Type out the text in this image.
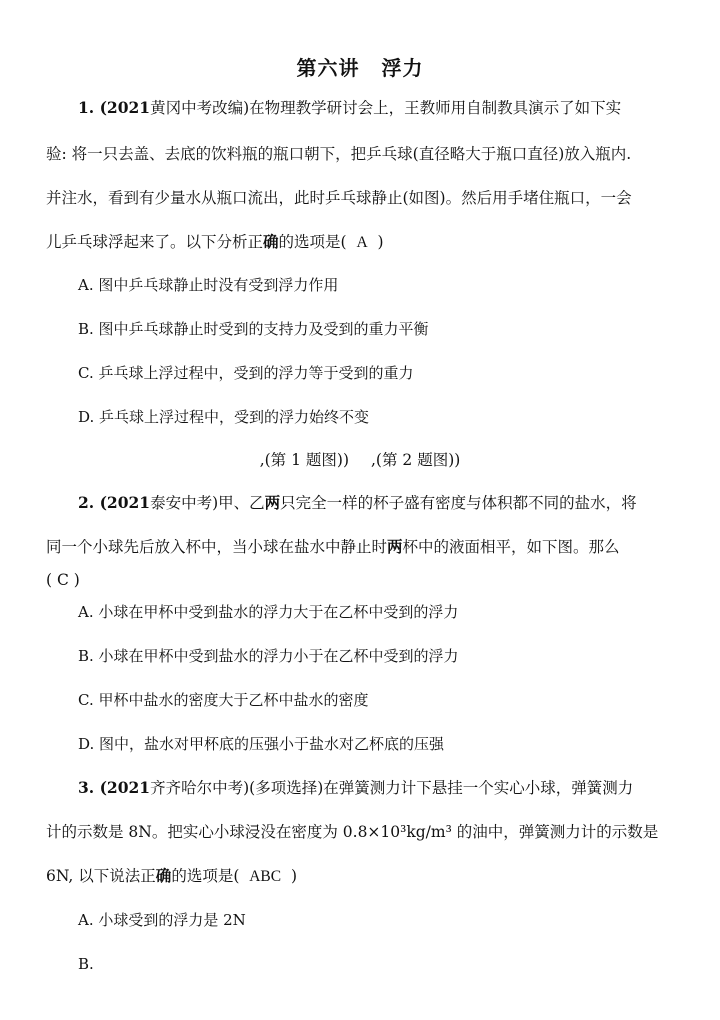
第六讲 浮力
1. (2021黄冈中考改编)在物理教学研讨会上，王教师用自制教具演示了如下实
验: 将一只去盖、去底的饮料瓶的瓶口朝下，把乒乓球(直径略大于瓶口直径)放入瓶内.
并注水，看到有少量水从瓶口流出，此时乒乓球静止(如图)。然后用手堵住瓶口，一会
儿乒乓球浮起来了。以下分析正确的选项是( A )
A. 图中乒乓球静止时没有受到浮力作用
B. 图中乒乓球静止时受到的支持力及受到的重力平衡
C. 乒乓球上浮过程中，受到的浮力等于受到的重力
D. 乒乓球上浮过程中，受到的浮力始终不变
,(第 1 题图)) ,(第 2 题图))
2. (2021泰安中考)甲、乙两只完全一样的杯子盛有密度与体积都不同的盐水，将
同一个小球先后放入杯中，当小球在盐水中静止时两杯中的液面相平，如下图。那么
( C )
A. 小球在甲杯中受到盐水的浮力大于在乙杯中受到的浮力
B. 小球在甲杯中受到盐水的浮力小于在乙杯中受到的浮力
C. 甲杯中盐水的密度大于乙杯中盐水的密度
D. 图中，盐水对甲杯底的压强小于盐水对乙杯底的压强
3. (2021齐齐哈尔中考)(多项选择)在弹簧测力计下悬挂一个实心小球，弹簧测力
计的示数是 8N。把实心小球浸没在密度为 0.8×10³kg/m³ 的油中，弹簧测力计的示数是
6N, 以下说法正确的选项是( ABC )
A. 小球受到的浮力是 2N
B.
